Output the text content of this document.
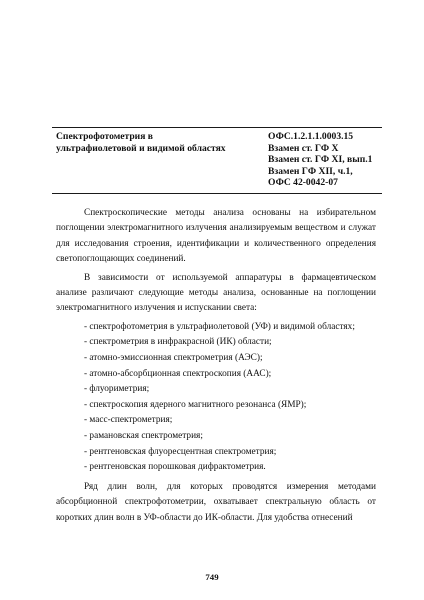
Спектрофотометрия в
ультрафиолетовой и видимой областях
ОФС.1.2.1.1.0003.15
Взамен ст. ГФ X
Взамен ст. ГФ XI, вып.1
Взамен ГФ XII, ч.1,
ОФС 42-0042-07

Спектроскопические методы анализа основаны на избирательном поглощении электромагнитного излучения анализируемым веществом и служат для исследования строения, идентификации и количественного определения светопоглощающих соединений.

В зависимости от используемой аппаратуры в фармацевтическом анализе различают следующие методы анализа, основанные на поглощении электромагнитного излучения и испускании света:

- спектрофотометрия в ультрафиолетовой (УФ) и видимой областях;
- спектрометрия в инфракрасной (ИК) области;
- атомно-эмиссионная спектрометрия (АЭС);
- атомно-абсорбционная спектроскопия (ААС);
- флуориметрия;
- спектроскопия ядерного магнитного резонанса (ЯМР);
- масс-спектрометрия;
- рамановская спектрометрия;
- рентгеновская флуоресцентная спектрометрия;
- рентгеновская порошковая дифрактометрия.

Ряд длин волн, для которых проводятся измерения методами абсорбционной спектрофотометрии, охватывает спектральную область от коротких длин волн в УФ-области до ИК-области. Для удобства отнесений

749
